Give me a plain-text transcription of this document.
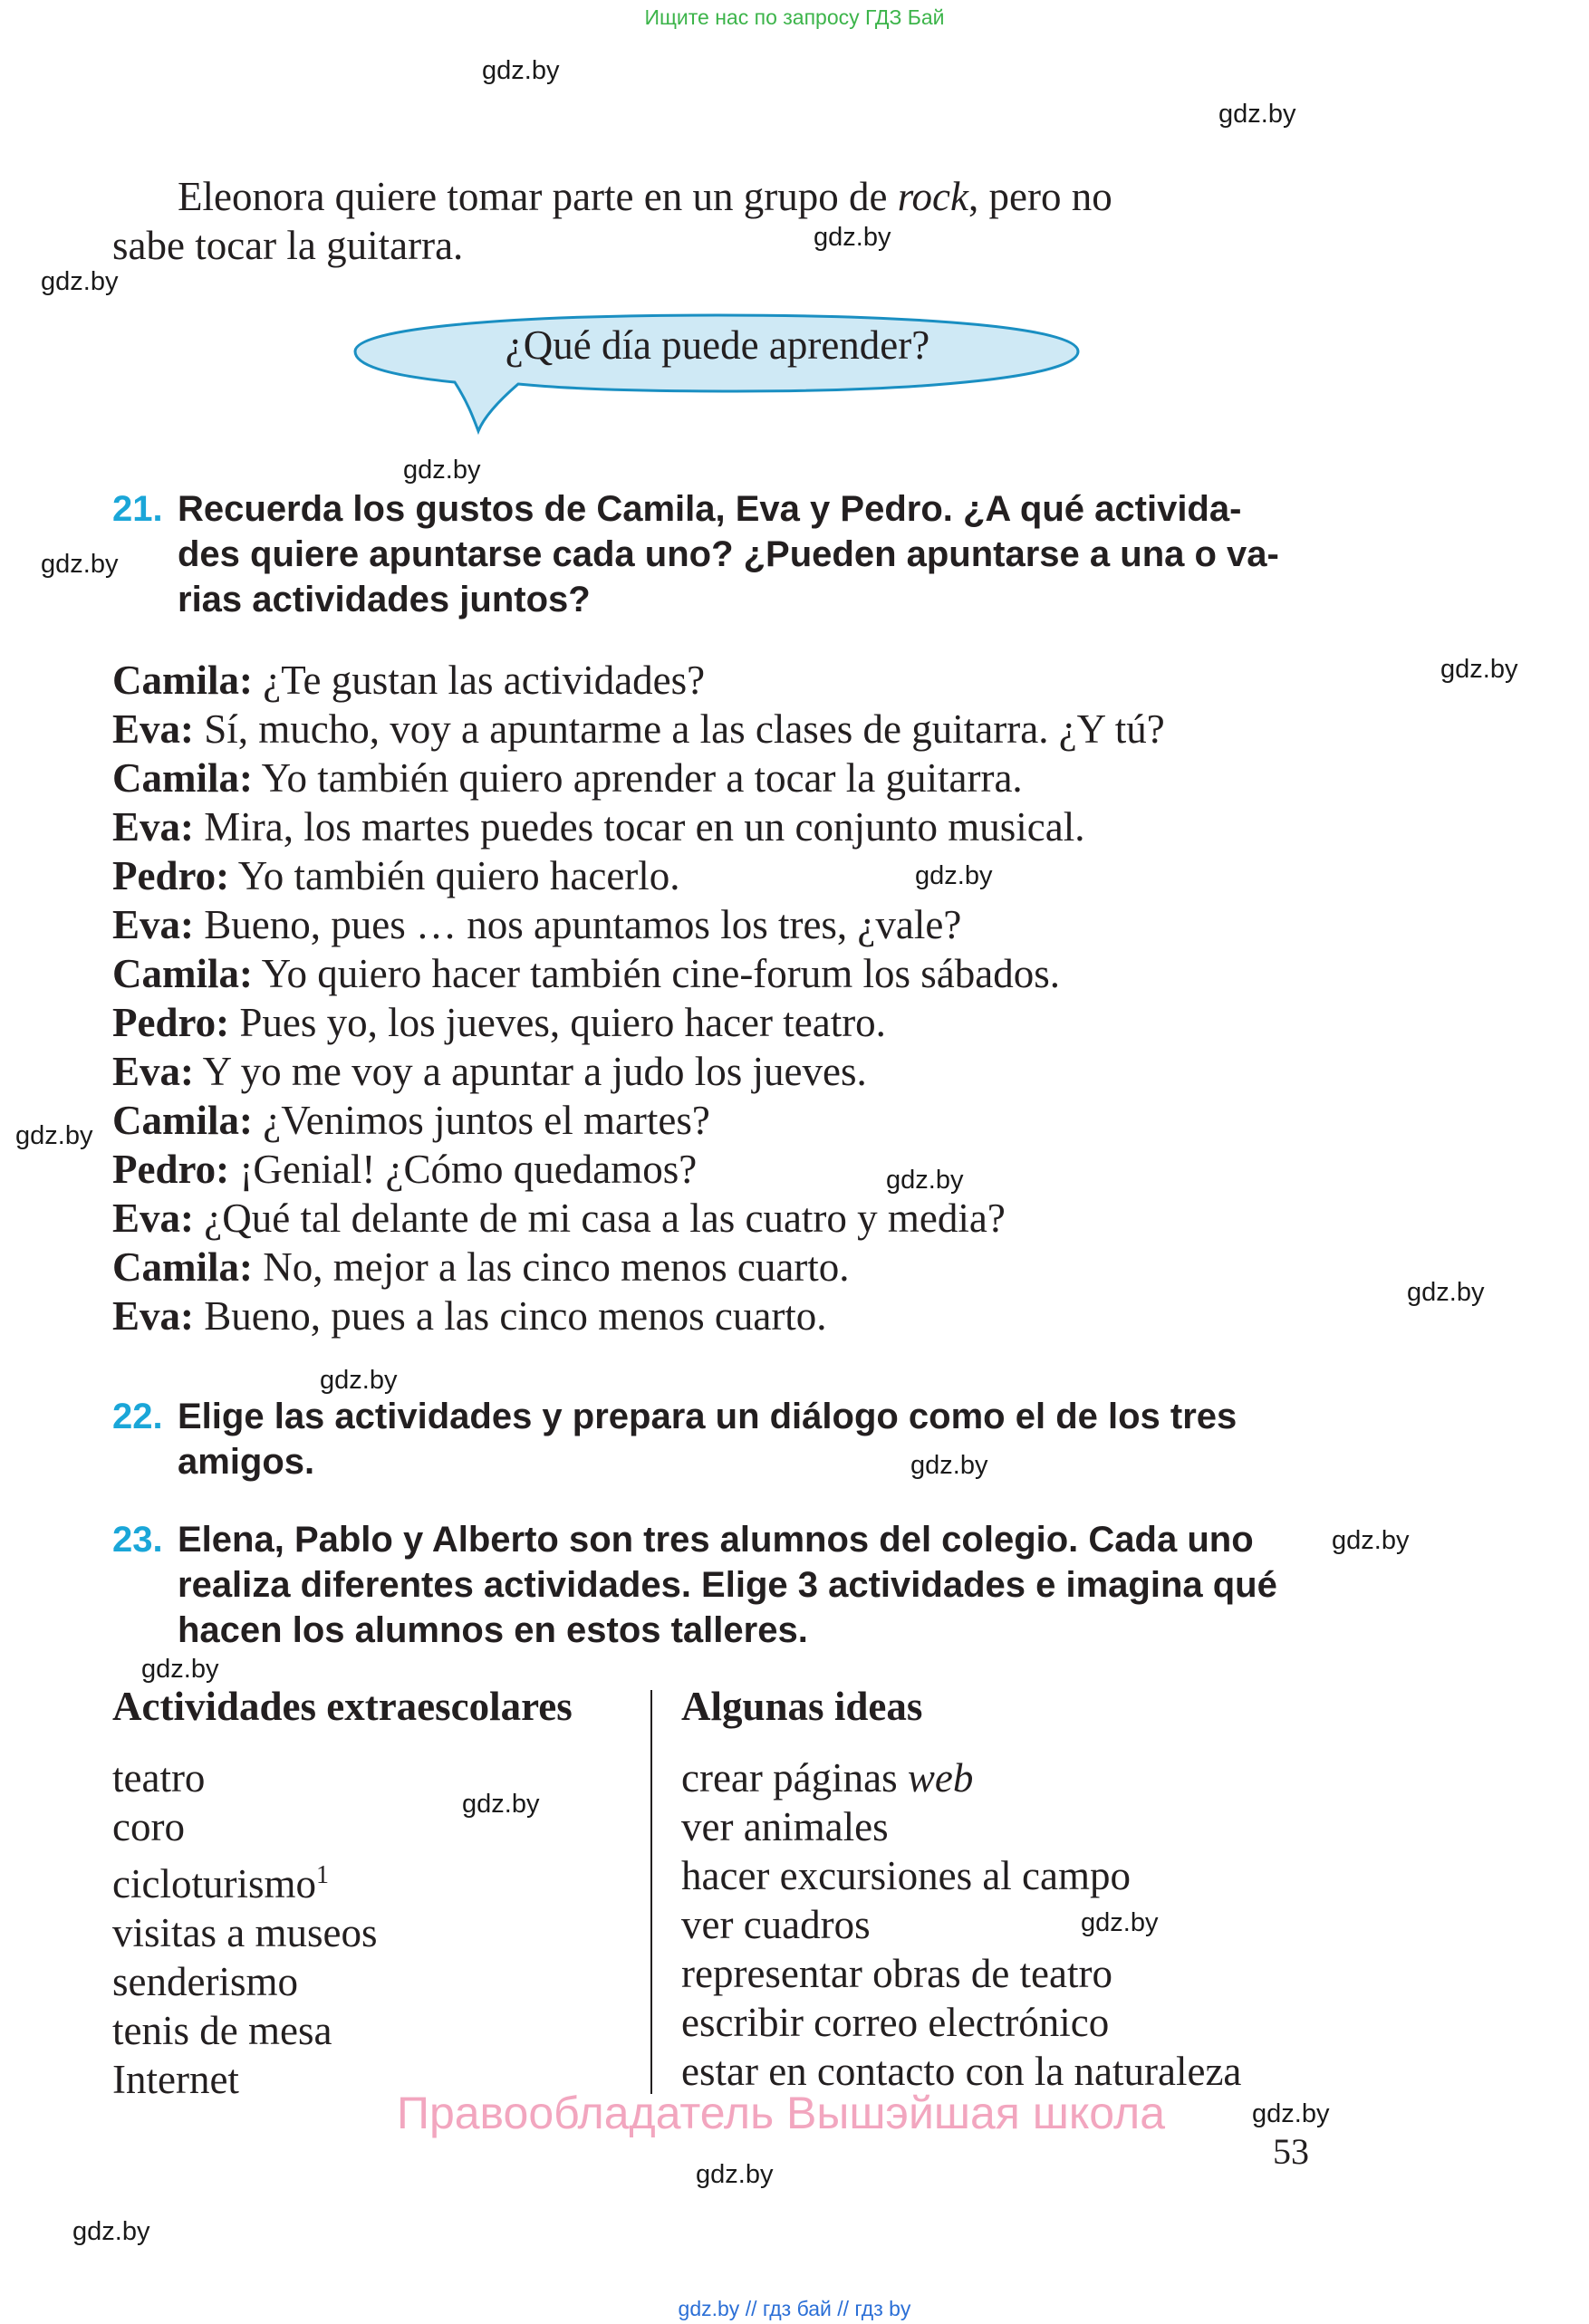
Ищите нас по запросу ГДЗ Бай
gdz.by
gdz.by
gdz.by
gdz.by
gdz.by
gdz.by
gdz.by
gdz.by
gdz.by
gdz.by
gdz.by
gdz.by
gdz.by
gdz.by
gdz.by
gdz.by
gdz.by
gdz.by
gdz.by
gdz.by
Eleonora quiere tomar parte en un grupo de rock, pero no
sabe tocar la guitarra.
¿Qué día puede aprender?
21. Recuerda los gustos de Camila, Eva y Pedro. ¿A qué activida-
des quiere apuntarse cada uno? ¿Pueden apuntarse a una o va-
rias actividades juntos?
Camila: ¿Te gustan las actividades?
Eva: Sí, mucho, voy a apuntarme a las clases de guitarra. ¿Y tú?
Camila: Yo también quiero aprender a tocar la guitarra.
Eva: Mira, los martes puedes tocar en un conjunto musical.
Pedro: Yo también quiero hacerlo.
Eva: Bueno, pues … nos apuntamos los tres, ¿vale?
Camila: Yo quiero hacer también cine-forum los sábados.
Pedro: Pues yo, los jueves, quiero hacer teatro.
Eva: Y yo me voy a apuntar a judo los jueves.
Camila: ¿Venimos juntos el martes?
Pedro: ¡Genial! ¿Cómo quedamos?
Eva: ¿Qué tal delante de mi casa a las cuatro y media?
Camila: No, mejor a las cinco menos cuarto.
Eva: Bueno, pues a las cinco menos cuarto.
22. Elige las actividades y prepara un diálogo como el de los tres
amigos.
23. Elena, Pablo y Alberto son tres alumnos del colegio. Cada uno
realiza diferentes actividades. Elige 3 actividades e imagina qué
hacen los alumnos en estos talleres.
Actividades extraescolares	Algunas ideas
teatro
coro
cicloturismo$^1$
visitas a museos
senderismo
tenis de mesa
Internet
crear páginas web
ver animales
hacer excursiones al campo
ver cuadros
representar obras de teatro
escribir correo electrónico
estar en contacto con la naturaleza
Правообладатель Вышэйшая школа
53
gdz.by // гдз бай // гдз by
